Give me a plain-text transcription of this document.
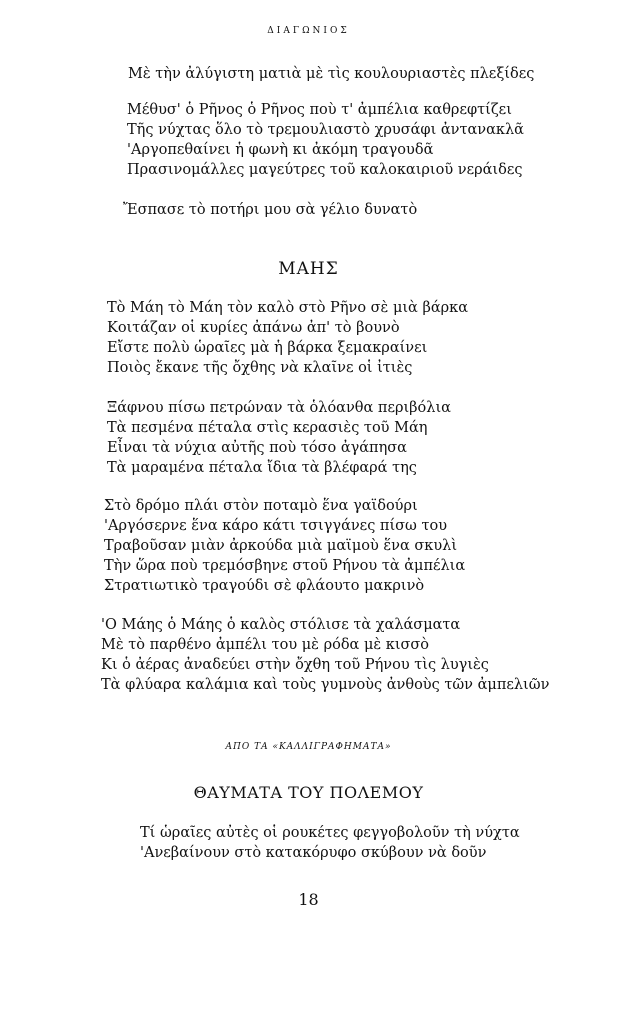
ΔΙΑΓΩΝΙΟΣ
Μὲ τὴν ἀλύγιστη ματιὰ μὲ τὶς κουλουριαστὲς πλεξίδες
Μέθυσ' ὁ Ρῆνος ὁ Ρῆνος ποὺ τ' ἀμπέλια καθρεφτίζει
Τῆς νύχτας ὅλο τὸ τρεμουλιαστὸ χρυσάφι ἀντανακλᾶ
'Αργοπεθαίνει ἡ φωνὴ κι ἀκόμη τραγουδᾶ
Πρασινομάλλες μαγεύτρες τοῦ καλοκαιριοῦ νεράιδες
Ἔσπασε τὸ ποτήρι μου σὰ γέλιο δυνατὸ
ΜΑΗΣ
Τὸ Μάη τὸ Μάη τὸν καλὸ στὸ Ρῆνο σὲ μιὰ βάρκα
Κοιτάζαν οἱ κυρίες ἀπάνω ἀπ' τὸ βουνὸ
Εἴστε πολὺ ὡραῖες μὰ ἡ βάρκα ξεμακραίνει
Ποιὸς ἔκανε τῆς ὄχθης νὰ κλαῖνε οἱ ἰτιὲς
Ξάφνου πίσω πετρώναν τὰ ὁλόανθα περιβόλια
Τὰ πεσμένα πέταλα στὶς κερασιὲς τοῦ Μάη
Εἶναι τὰ νύχια αὐτῆς ποὺ τόσο ἀγάπησα
Τὰ μαραμένα πέταλα ἴδια τὰ βλέφαρά της
Στὸ δρόμο πλάι στὸν ποταμὸ ἕνα γαϊδούρι
'Αργόσερνε ἕνα κάρο κάτι τσιγγάνες πίσω του
Τραβοῦσαν μιὰν ἀρκούδα μιὰ μαϊμοὺ ἕνα σκυλὶ
Τὴν ὥρα ποὺ τρεμόσβηνε στοῦ Ρήνου τὰ ἀμπέλια
Στρατιωτικὸ τραγούδι σὲ φλάουτο μακρινὸ
'Ο Μάης ὁ Μάης ὁ καλὸς στόλισε τὰ χαλάσματα
Μὲ τὸ παρθένο ἀμπέλι του μὲ ρόδα μὲ κισσὸ
Κι ὁ ἀέρας ἀναδεύει στὴν ὄχθη τοῦ Ρήνου τὶς λυγιὲς
Τὰ φλύαρα καλάμια καὶ τοὺς γυμνοὺς ἀνθοὺς τῶν ἀμπελιῶν
ΑΠΟ ΤΑ «ΚΑΛΛΙΓΡΑΦΗΜΑΤΑ»
ΘΑΥΜΑΤΑ ΤΟΥ ΠΟΛΕΜΟΥ
Τί ὡραῖες αὐτὲς οἱ ρουκέτες φεγγοβολοῦν τὴ νύχτα
'Ανεβαίνουν στὸ κατακόρυφο σκύβουν νὰ δοῦν
18
